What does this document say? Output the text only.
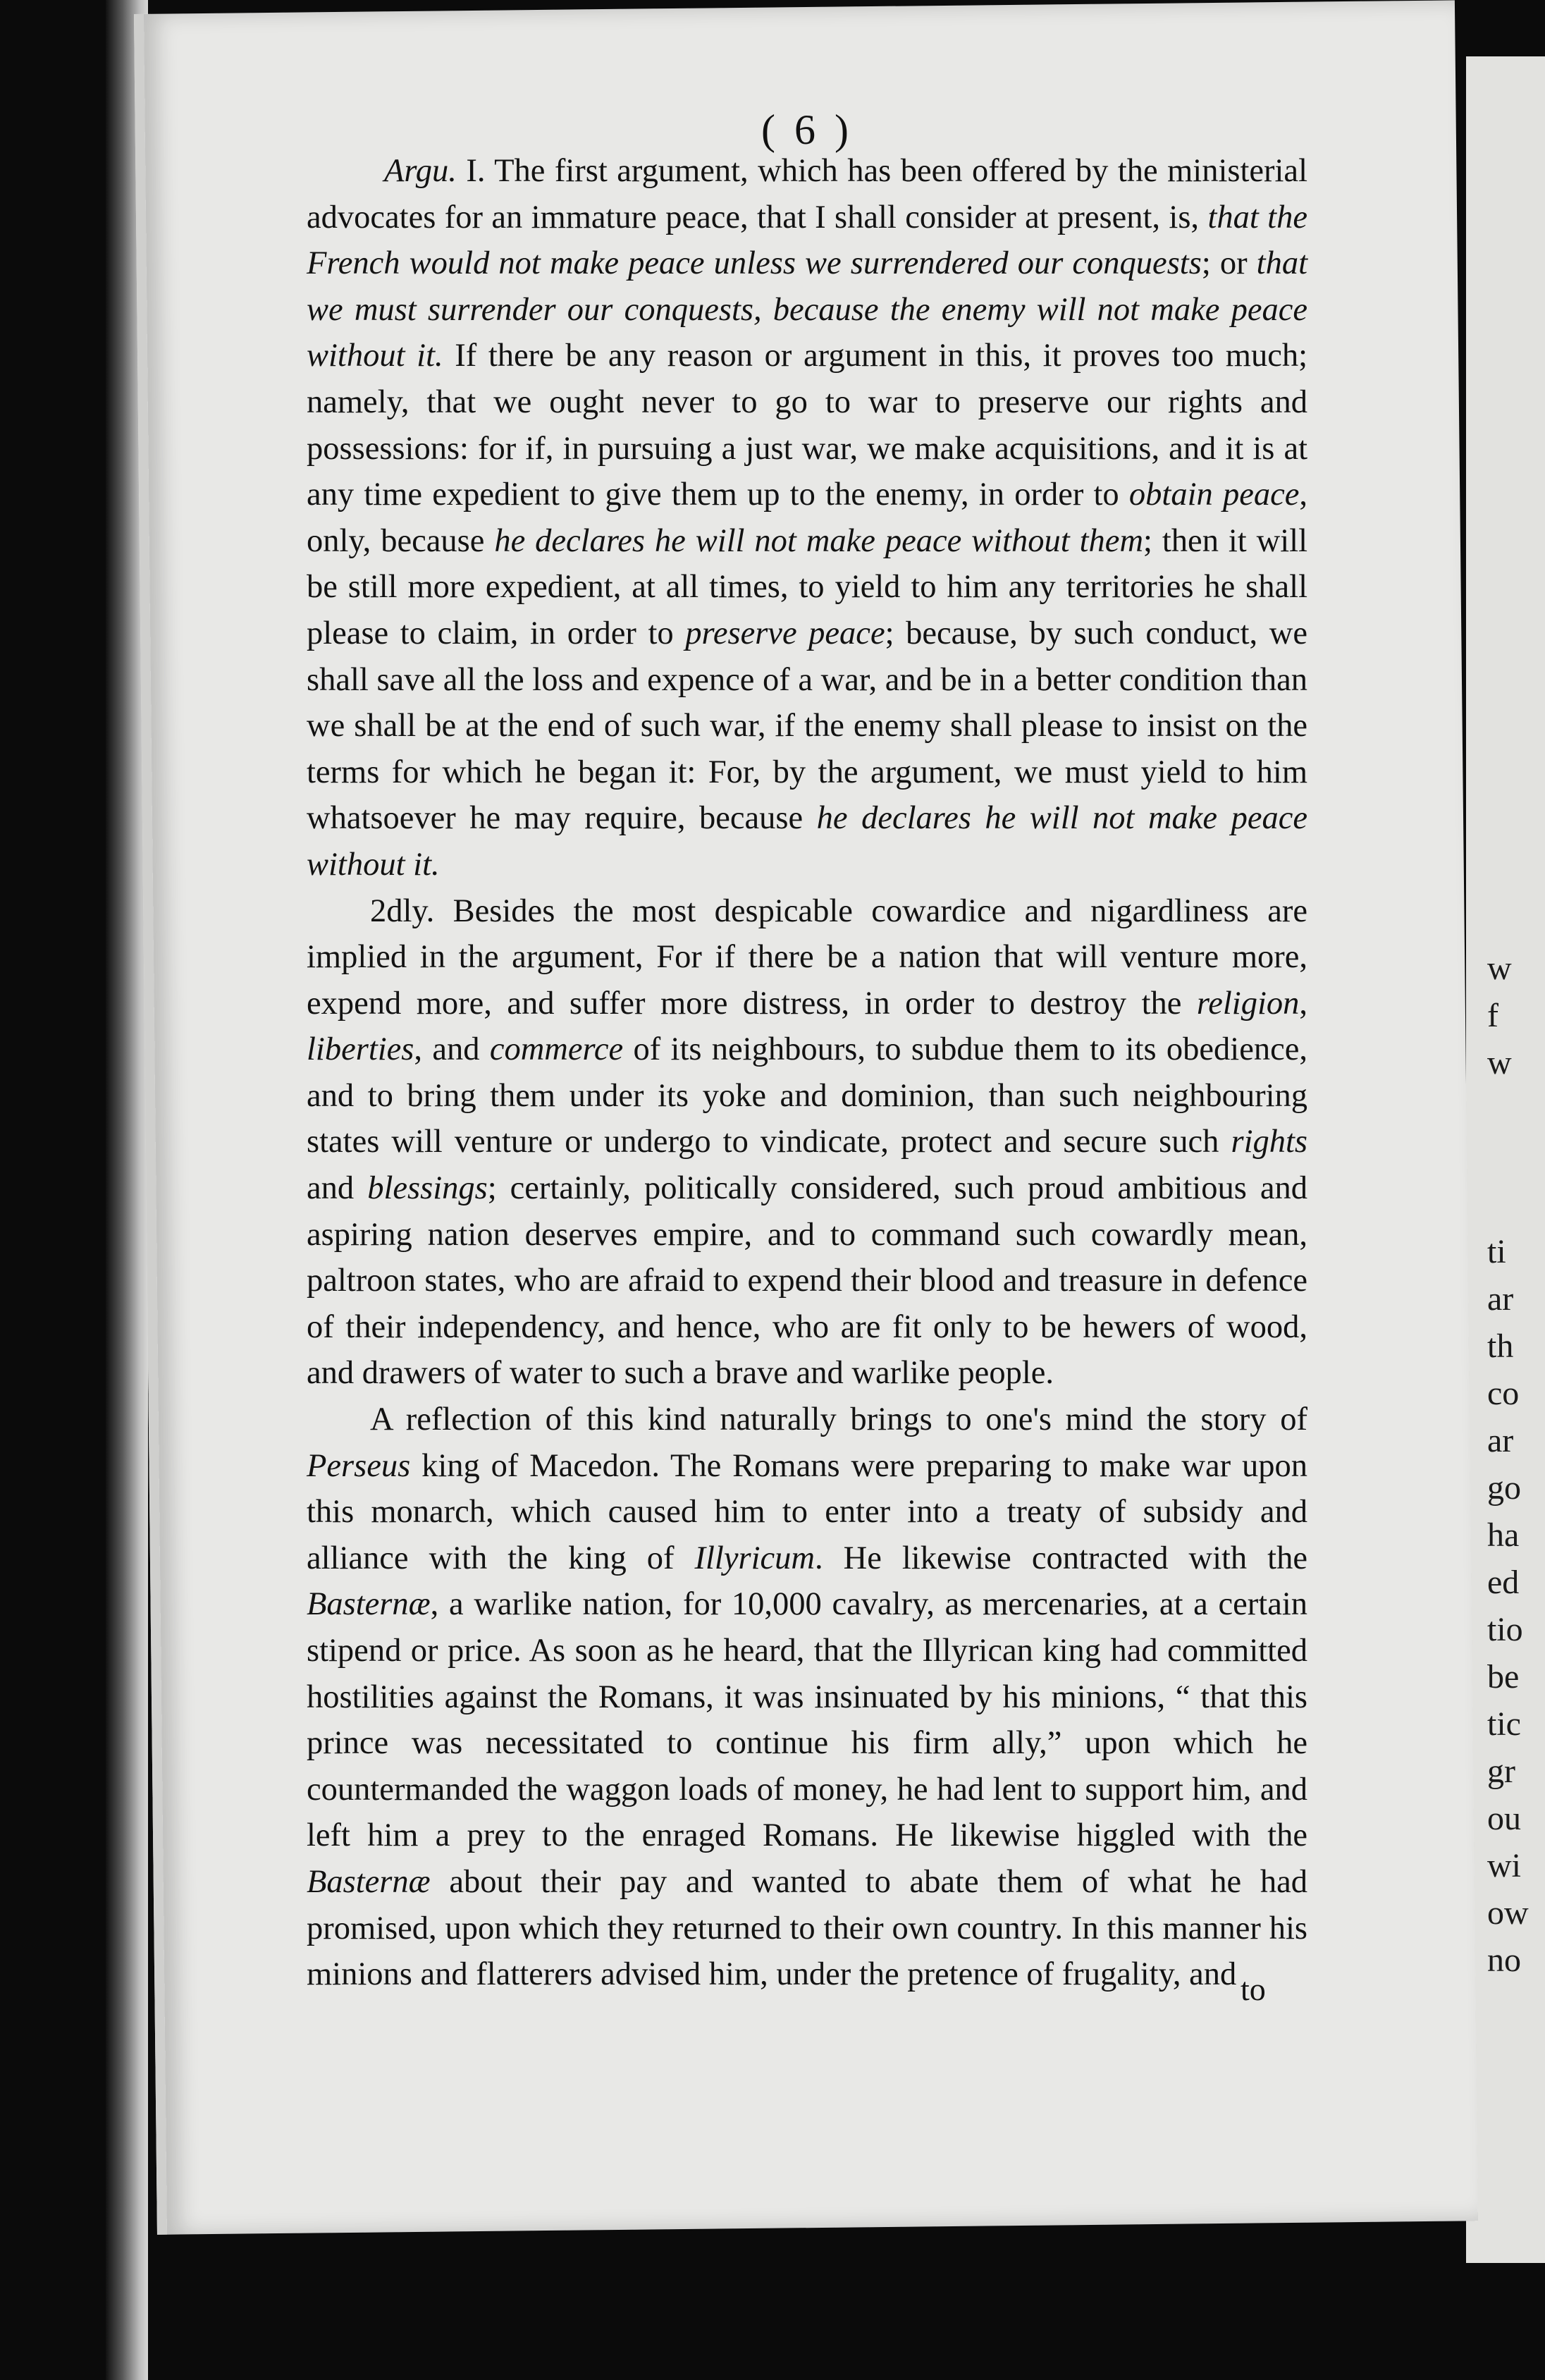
w
f
w

ti
ar
th
co
ar
go
ha
ed
tio
be
tic
gr
ou
wi
ow
no
( 6 )

Argu. I. The first argument, which has been offered by the ministerial advocates for an immature peace, that I shall consider at present, is, that the French would not make peace unless we surrendered our conquests; or that we must surrender our conquests, because the enemy will not make peace without it. If there be any reason or argument in this, it proves too much; namely, that we ought never to go to war to preserve our rights and possessions: for if, in pursuing a just war, we make acquisitions, and it is at any time expedient to give them up to the enemy, in order to obtain peace, only, because he declares he will not make peace without them; then it will be still more expedient, at all times, to yield to him any territories he shall please to claim, in order to preserve peace; because, by such conduct, we shall save all the loss and expence of a war, and be in a better condition than we shall be at the end of such war, if the enemy shall please to insist on the terms for which he began it: For, by the argument, we must yield to him whatsoever he may require, because he declares he will not make peace without it.

2dly. Besides the most despicable cowardice and nigardliness are implied in the argument, For if there be a nation that will venture more, expend more, and suffer more distress, in order to destroy the religion, liberties, and commerce of its neighbours, to subdue them to its obedience, and to bring them under its yoke and dominion, than such neighbouring states will venture or undergo to vindicate, protect and secure such rights and blessings; certainly, politically considered, such proud ambitious and aspiring nation deserves empire, and to command such cowardly mean, paltroon states, who are afraid to expend their blood and treasure in defence of their independency, and hence, who are fit only to be hewers of wood, and drawers of water to such a brave and warlike people.

A reflection of this kind naturally brings to one's mind the story of Perseus king of Macedon. The Romans were preparing to make war upon this monarch, which caused him to enter into a treaty of subsidy and alliance with the king of Illyricum. He likewise contracted with the Basternæ, a warlike nation, for 10,000 cavalry, as mercenaries, at a certain stipend or price. As soon as he heard, that the Illyrican king had committed hostilities against the Romans, it was insinuated by his minions, “ that this prince was necessitated to continue his firm ally,” upon which he countermanded the waggon loads of money, he had lent to support him, and left him a prey to the enraged Romans. He likewise higgled with the Basternæ about their pay and wanted to abate them of what he had promised, upon which they returned to their own country. In this manner his minions and flatterers advised him, under the pretence of frugality, and to
